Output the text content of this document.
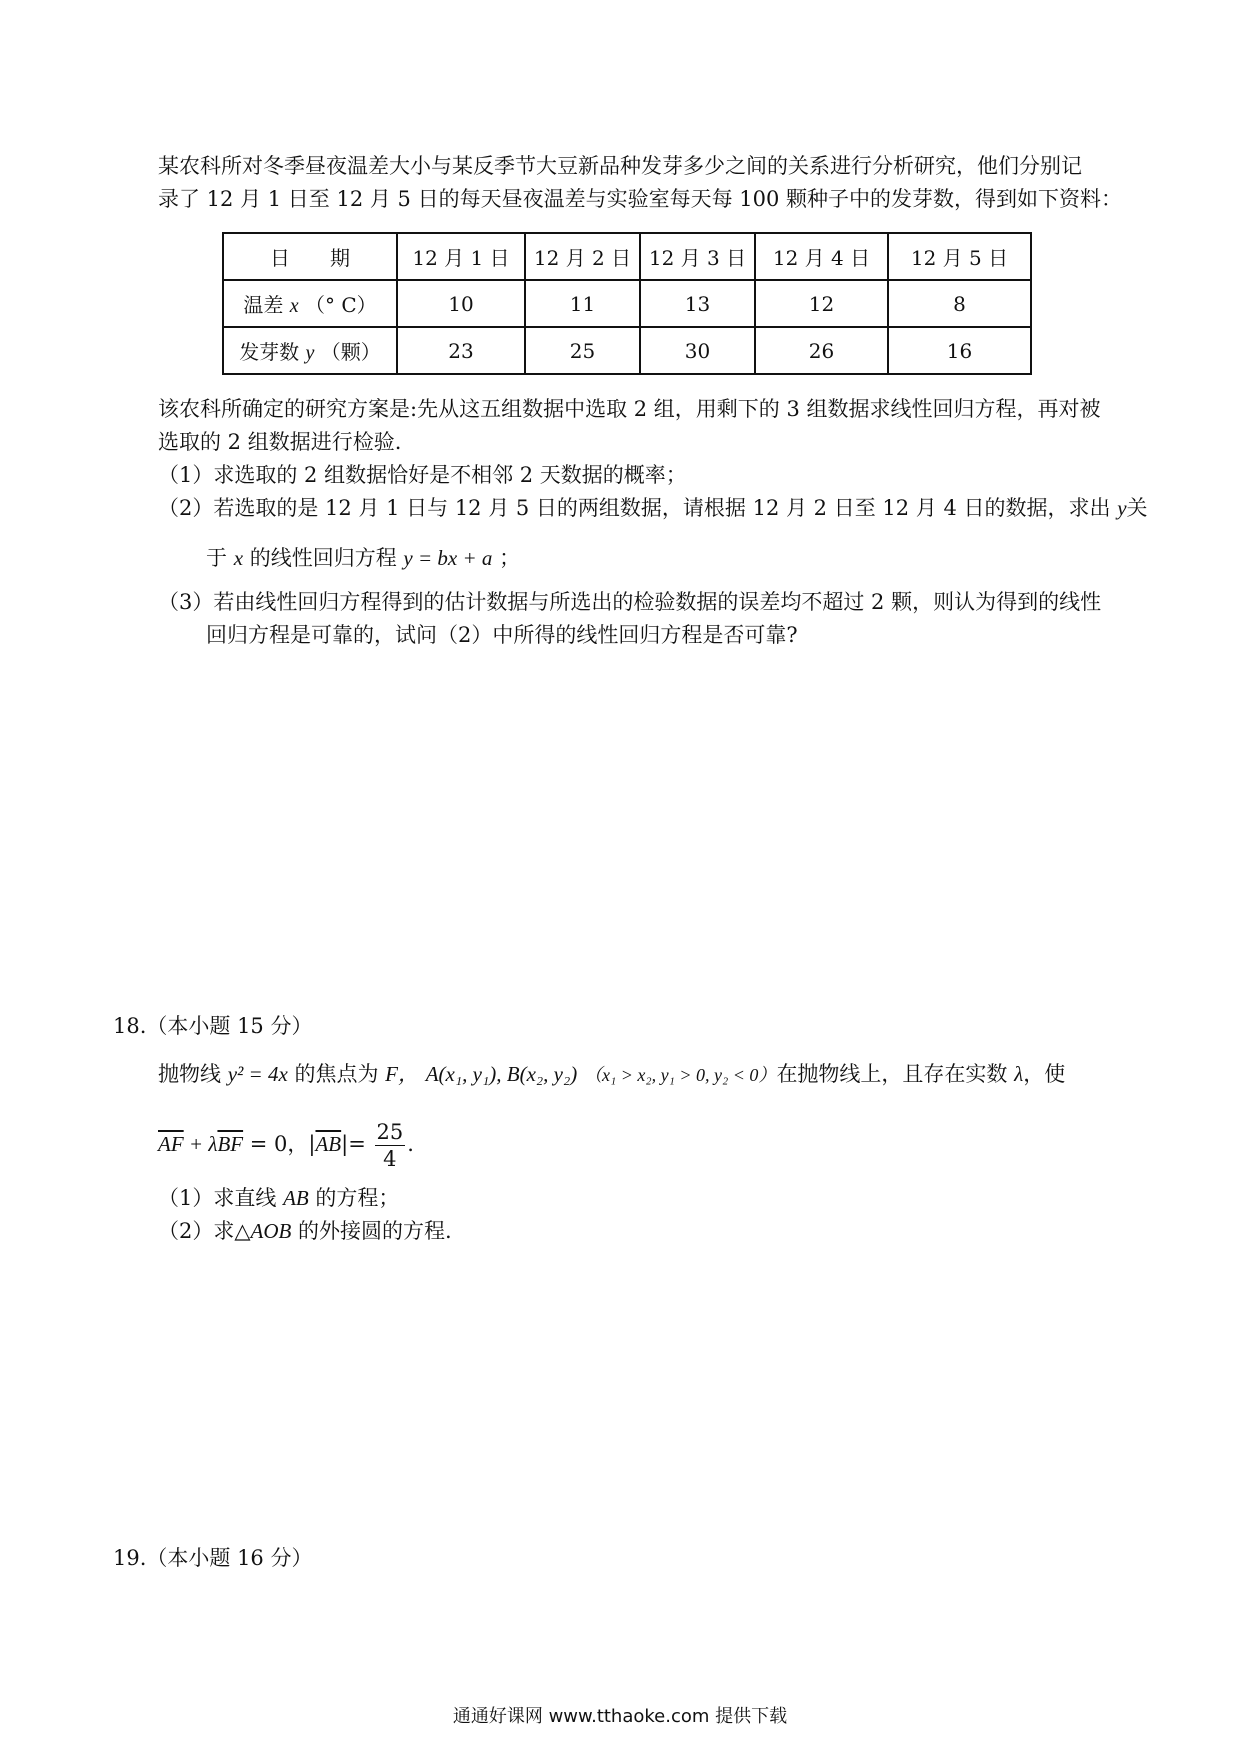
某农科所对冬季昼夜温差大小与某反季节大豆新品种发芽多少之间的关系进行分析研究，他们分别记
录了 12 月 1 日至 12 月 5 日的每天昼夜温差与实验室每天每 100 颗种子中的发芽数，得到如下资料：
日　　期	12 月 1 日	12 月 2 日	12 月 3 日	12 月 4 日	12 月 5 日
温差 x （° C）	10	11	13	12	8
发芽数 y （颗）	23	25	30	26	16
该农科所确定的研究方案是:先从这五组数据中选取 2 组，用剩下的 3 组数据求线性回归方程，再对被
选取的 2 组数据进行检验.
（1）求选取的 2 组数据恰好是不相邻 2 天数据的概率；
（2）若选取的是 12 月 1 日与 12 月 5 日的两组数据，请根据 12 月 2 日至 12 月 4 日的数据，求出 y关
于 x 的线性回归方程 y = bx + a ；
（3）若由线性回归方程得到的估计数据与所选出的检验数据的误差均不超过 2 颗，则认为得到的线性
回归方程是可靠的，试问（2）中所得的线性回归方程是否可靠?
18.（本小题 15 分）
抛物线 y² = 4x 的焦点为 F， A(x₁, y₁), B(x₂, y₂) （x₁ > x₂, y₁ > 0, y₂ < 0）在抛物线上，且存在实数 λ，使
$\overline{AF} + \lambda\overline{BF} = 0$，$|\overline{AB}|= \frac{25}{4}$ .
（1）求直线 AB 的方程；
（2）求△AOB 的外接圆的方程.
19.（本小题 16 分）
通通好课网 www.tthaoke.com 提供下载
